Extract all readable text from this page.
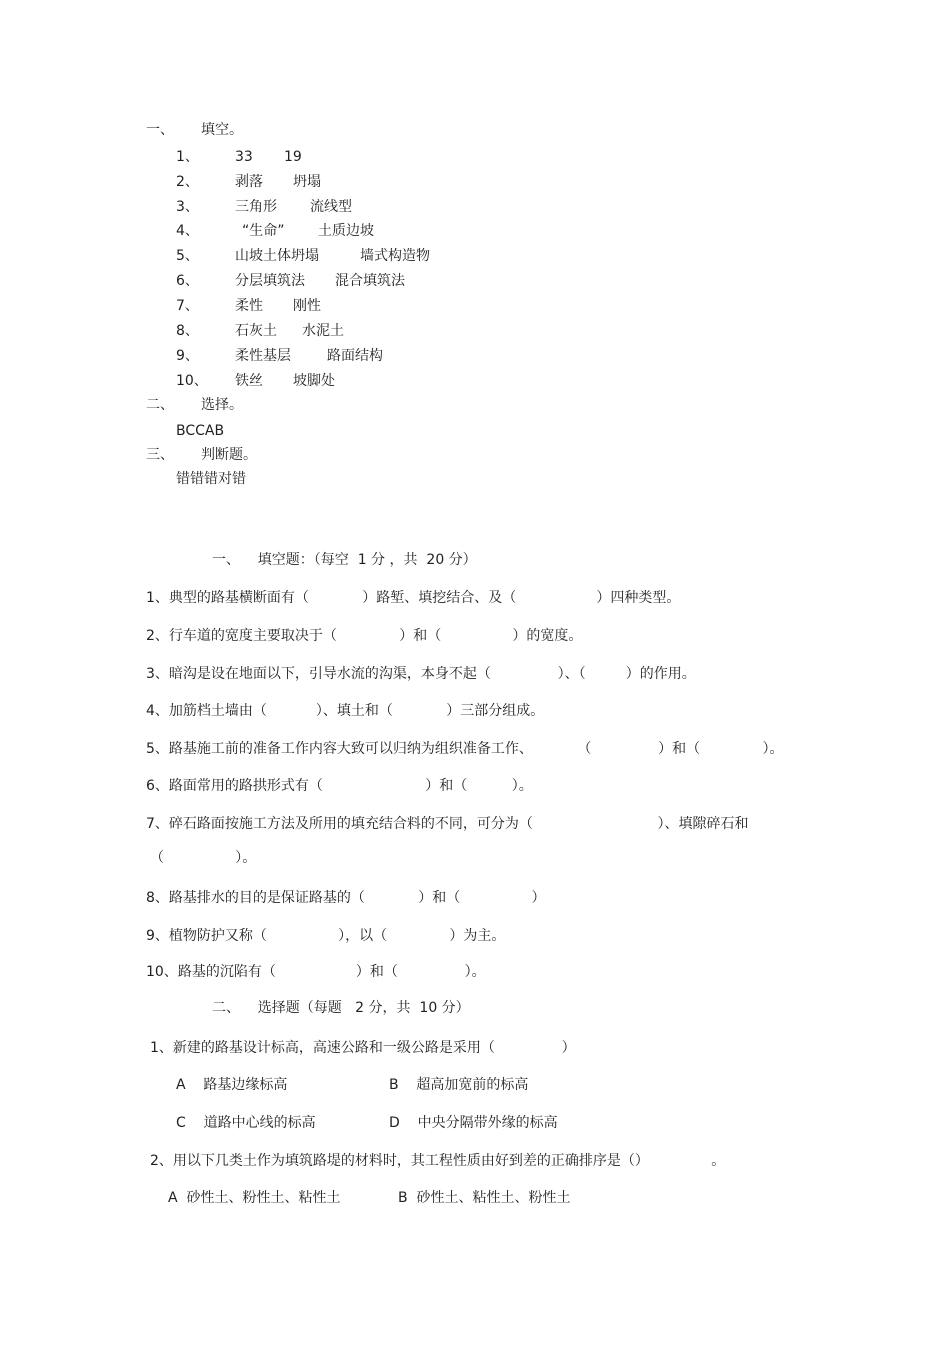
一、 填空。
1、	33 19
2、	剥落 坍塌
3、	三角形 流线型
4、	“生命” 土质边坡
5、	山坡土体坍塌	墙式构造物
6、	分层填筑法 混合填筑法
7、	柔性 刚性
8、	石灰土 水泥土
9、	柔性基层	路面结构
10、 铁丝 坡脚处
二、 选择。
BCCAB
三、 判断题。
错错错对错
一、    填空题：（每空  1 分 ，共  20 分）
1、典型的路基横断面有（            ）路堑、填挖结合、及（                  ）四种类型。
2、行车道的宽度主要取决于（              ）和（                ）的宽度。
3、暗沟是设在地面以下，引导水流的沟渠，本身不起（               ）、（         ）的作用。
4、加筋档土墙由（           ）、填土和（            ）三部分组成。
5、路基施工前的准备工作内容大致可以归纳为组织准备工作、          （               ）和（              ）。
6、路面常用的路拱形式有（                       ）和（          ）。
7、碎石路面按施工方法及所用的填充结合料的不同，可分为（                            ）、填隙碎石和
（                ）。
8、路基排水的目的是保证路基的（            ）和（                ）
9、植物防护又称（                ），以（              ）为主。
10、路基的沉陷有（                  ）和（               ）。
二、    选择题（每题   2 分，共  10 分）
1、新建的路基设计标高，高速公路和一级公路是采用（               ）
A    路基边缘标高	B    超高加宽前的标高
C    道路中心线的标高	D    中央分隔带外缘的标高
2、用以下几类土作为填筑路堤的材料时，其工程性质由好到差的正确排序是（）              。
A  砂性土、粉性土、粘性土	B  砂性土、粘性土、粉性土
